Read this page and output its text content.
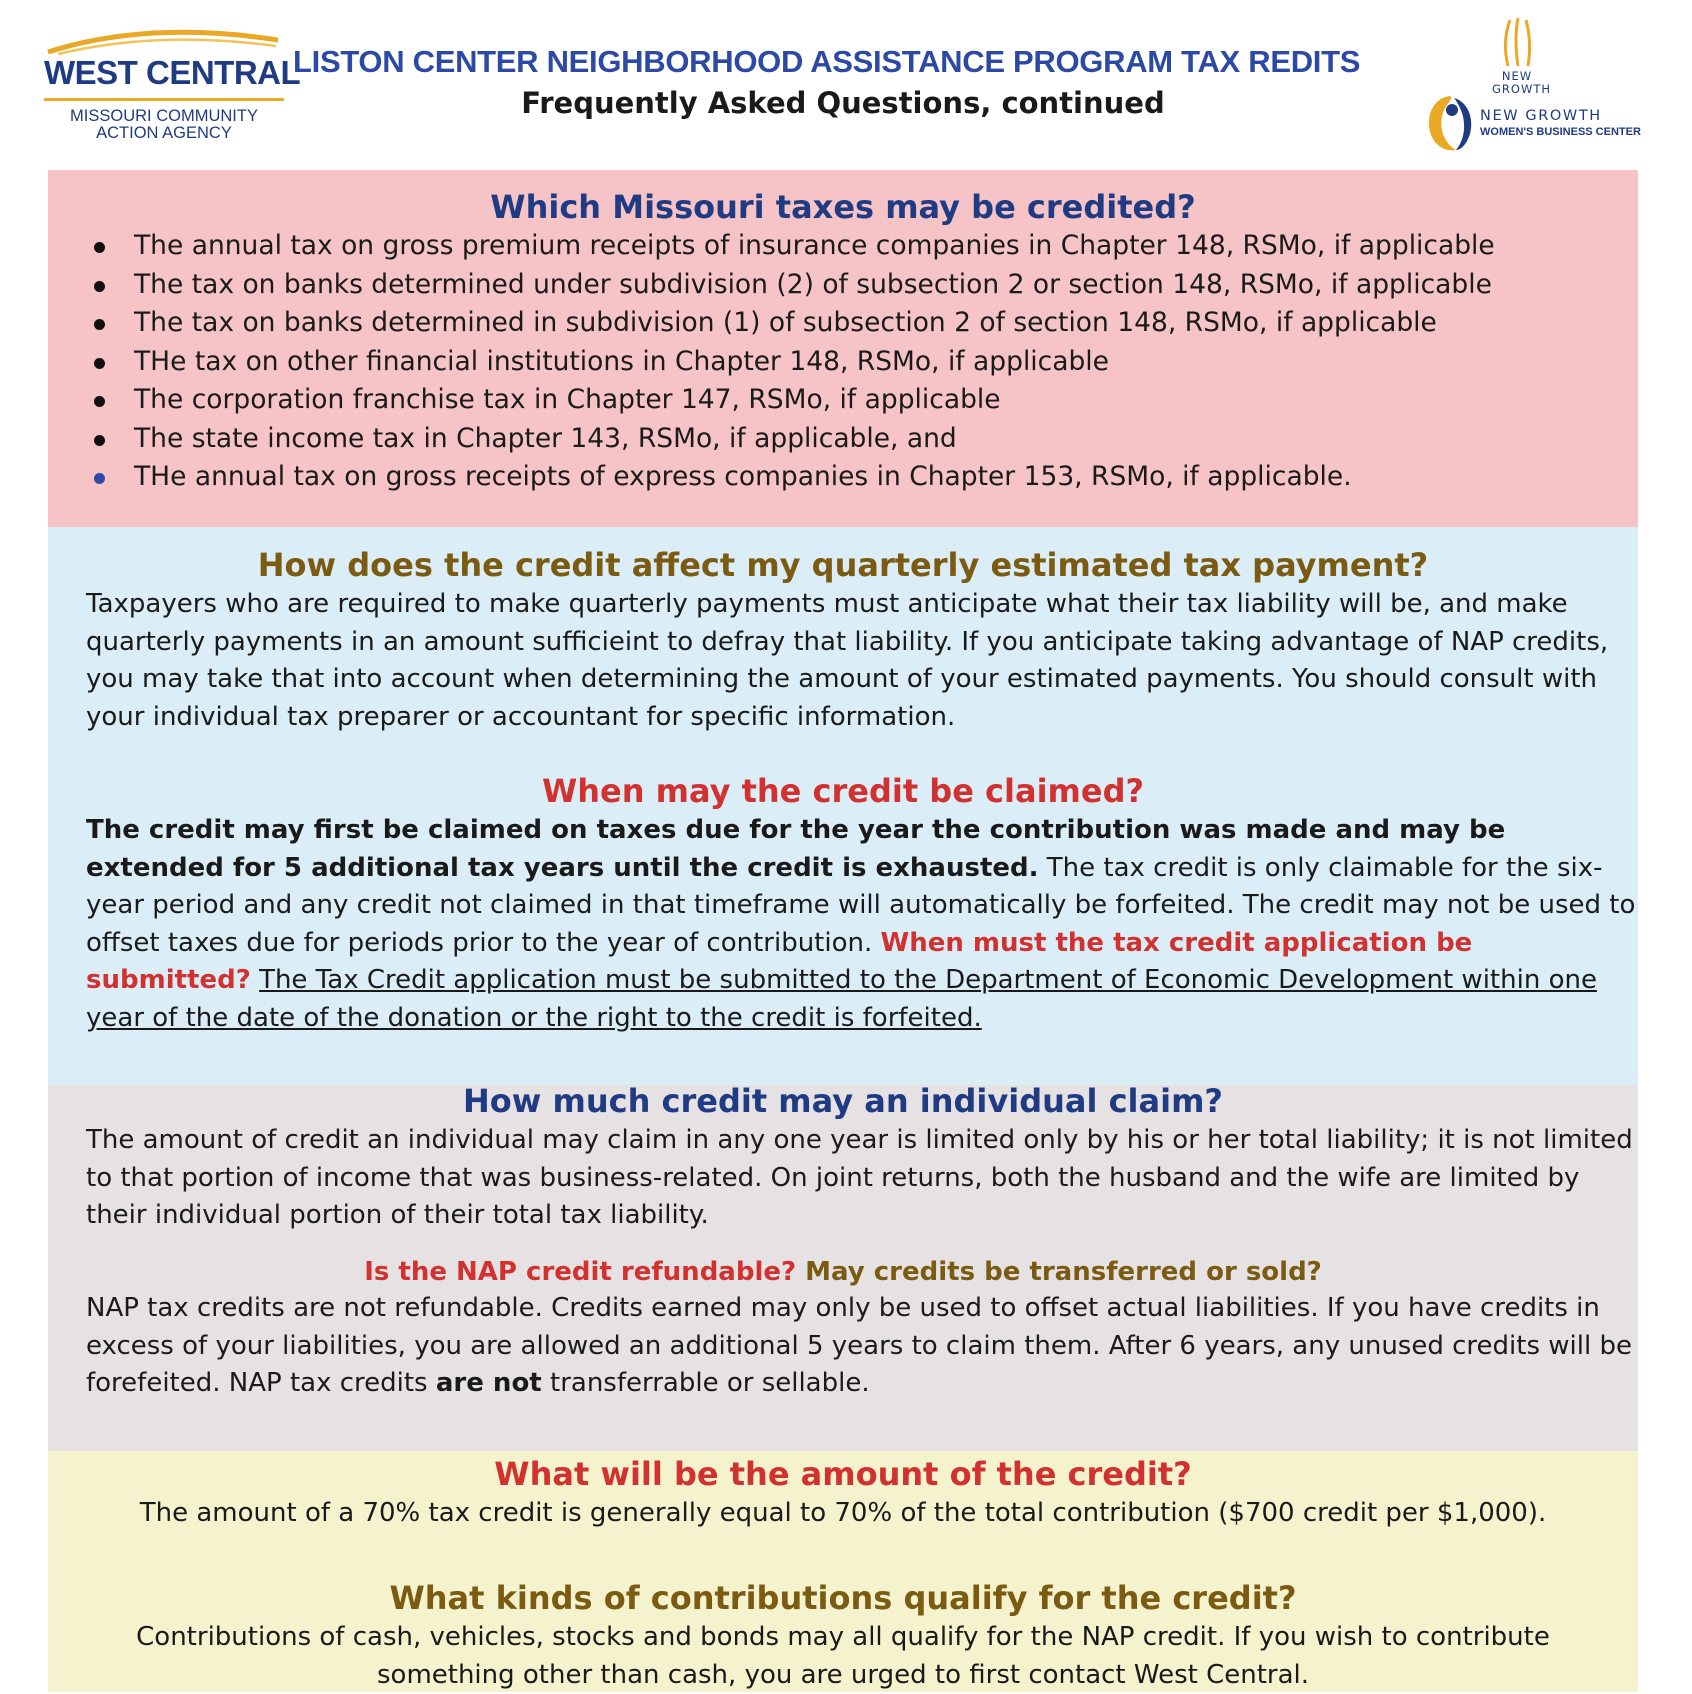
WEST CENTRAL
MISSOURI COMMUNITY
ACTION AGENCY
LISTON CENTER NEIGHBORHOOD ASSISTANCE PROGRAM TAX REDITS
Frequently Asked Questions, continued
NEW
GROWTH
NEW GROWTH
WOMEN'S BUSINESS CENTER
Which Missouri taxes may be credited?
The annual tax on gross premium receipts of insurance companies in Chapter 148, RSMo, if applicable
The tax on banks determined under subdivision (2) of subsection 2 or section 148, RSMo, if applicable
The tax on banks determined in subdivision (1) of subsection 2 of section 148, RSMo, if applicable
THe tax on other financial institutions in Chapter 148, RSMo, if applicable
The corporation franchise tax in Chapter 147, RSMo, if applicable
The state income tax in Chapter 143, RSMo, if applicable, and
THe annual tax on gross receipts of express companies in Chapter 153, RSMo, if applicable.
How does the credit affect my quarterly estimated tax payment?

Taxpayers who are required to make quarterly payments must anticipate what their tax liability will be, and make quarterly payments in an amount sufficieint to defray that liability. If you anticipate taking advantage of NAP credits, you may take that into account when determining the amount of your estimated payments. You should consult with your individual tax preparer or accountant for specific information.

When may the credit be claimed?

The credit may first be claimed on taxes due for the year the contribution was made and may be extended for 5 additional tax years until the credit is exhausted. The tax credit is only claimable for the six-year period and any credit not claimed in that timeframe will automatically be forfeited. The credit may not be used to offset taxes due for periods prior to the year of contribution. When must the tax credit application be submitted? The Tax Credit application must be submitted to the Department of Economic Development within one year of the date of the donation or the right to the credit is forfeited.

How much credit may an individual claim?

The amount of credit an individual may claim in any one year is limited only by his or her total liability; it is not limited to that portion of income that was business-related. On joint returns, both the husband and the wife are limited by their individual portion of their total tax liability.

Is the NAP credit refundable? May credits be transferred or sold?

NAP tax credits are not refundable. Credits earned may only be used to offset actual liabilities. If you have credits in excess of your liabilities, you are allowed an additional 5 years to claim them. After 6 years, any unused credits will be forefeited. NAP tax credits are not transferrable or sellable.

What will be the amount of the credit?

The amount of a 70% tax credit is generally equal to 70% of the total contribution ($700 credit per $1,000).

What kinds of contributions qualify for the credit?

Contributions of cash, vehicles, stocks and bonds may all qualify for the NAP credit. If you wish to contribute
something other than cash, you are urged to first contact West Central.
